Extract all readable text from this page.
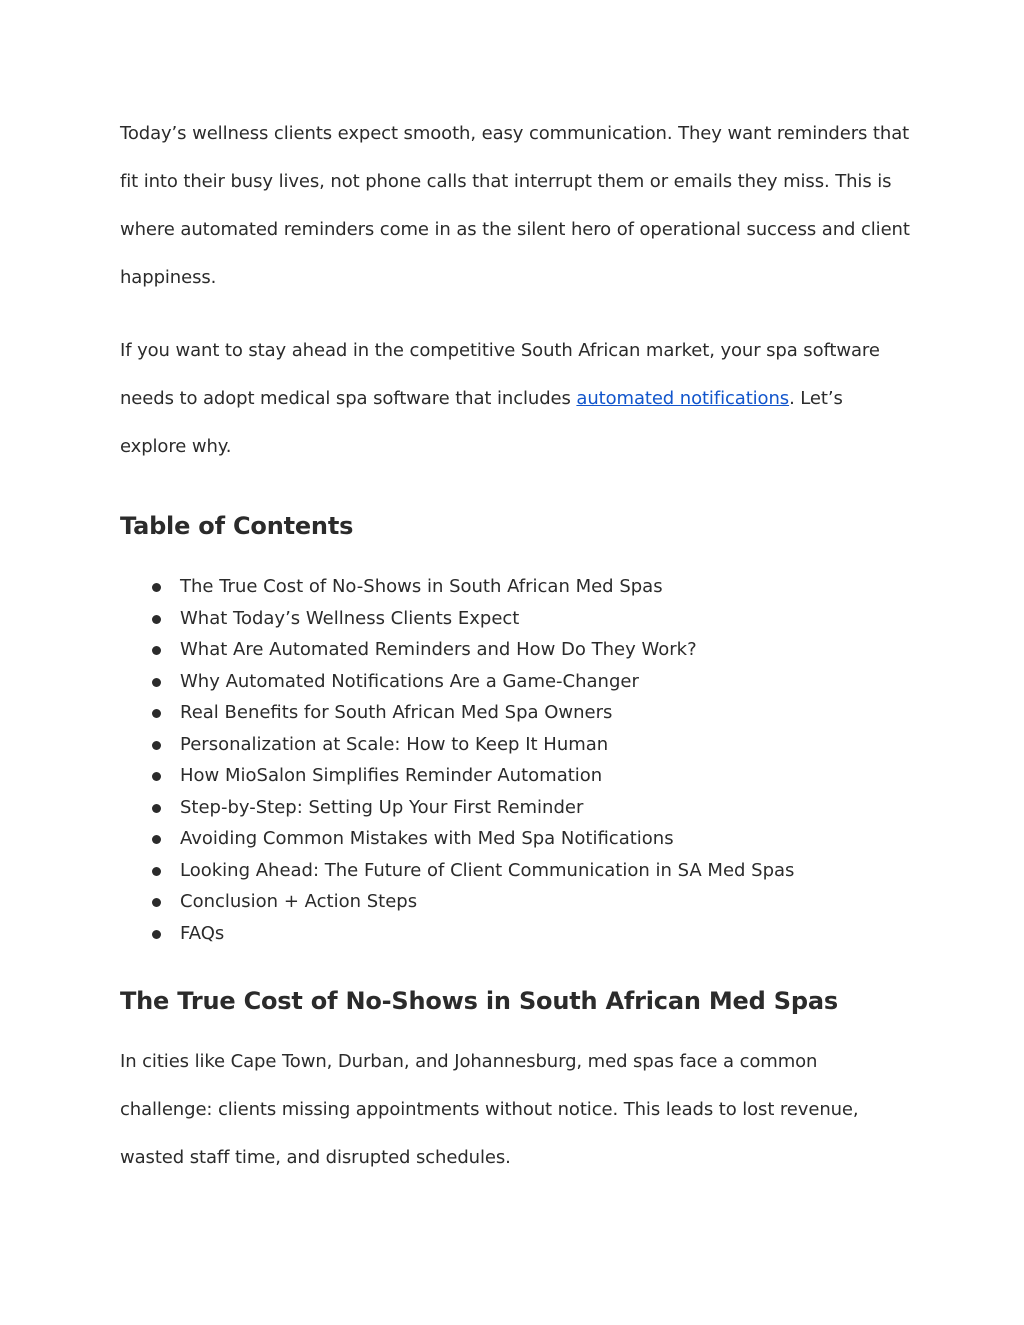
Today’s wellness clients expect smooth, easy communication. They want reminders that fit into their busy lives, not phone calls that interrupt them or emails they miss. This is where automated reminders come in as the silent hero of operational success and client happiness.

If you want to stay ahead in the competitive South African market, your spa software needs to adopt medical spa software that includes automated notifications. Let’s explore why.

Table of Contents
The True Cost of No-Shows in South African Med Spas
What Today’s Wellness Clients Expect
What Are Automated Reminders and How Do They Work?
Why Automated Notifications Are a Game-Changer
Real Benefits for South African Med Spa Owners
Personalization at Scale: How to Keep It Human
How MioSalon Simplifies Reminder Automation
Step-by-Step: Setting Up Your First Reminder
Avoiding Common Mistakes with Med Spa Notifications
Looking Ahead: The Future of Client Communication in SA Med Spas
Conclusion + Action Steps
FAQs
The True Cost of No-Shows in South African Med Spas

In cities like Cape Town, Durban, and Johannesburg, med spas face a common challenge: clients missing appointments without notice. This leads to lost revenue, wasted staff time, and disrupted schedules.
